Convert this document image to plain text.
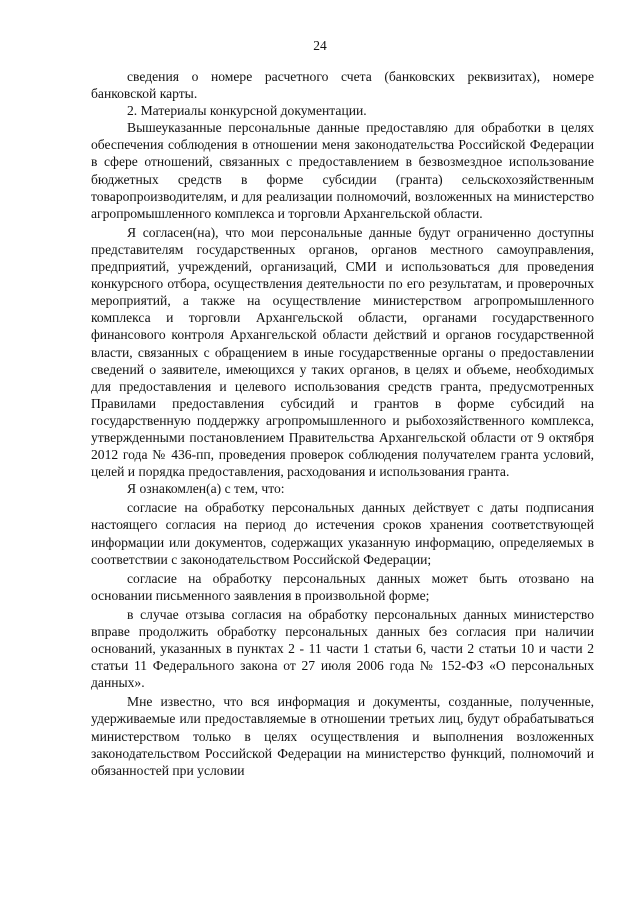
24

сведения о номере расчетного счета (банковских реквизитах), номере банковской карты.

2. Материалы конкурсной документации.

Вышеуказанные персональные данные предоставляю для обработки в целях обеспечения соблюдения в отношении меня законодательства Российской Федерации в сфере отношений, связанных с предоставлением в безвозмездное использование бюджетных средств в форме субсидии (гранта) сельскохозяйственным товаропроизводителям, и для реализации полномочий, возложенных на министерство агропромышленного комплекса и торговли Архангельской области.

Я согласен(на), что мои персональные данные будут ограниченно доступны представителям государственных органов, органов местного самоуправления, предприятий, учреждений, организаций, СМИ и использоваться для проведения конкурсного отбора, осуществления деятельности по его результатам, и проверочных мероприятий, а также на осуществление министерством агропромышленного комплекса и торговли Архангельской области, органами государственного финансового контроля Архангельской области действий и органов государственной власти, связанных с обращением в иные государственные органы о предоставлении сведений о заявителе, имеющихся у таких органов, в целях и объеме, необходимых для предоставления и целевого использования средств гранта, предусмотренных Правилами предоставления субсидий и грантов в форме субсидий на государственную поддержку агропромышленного и рыбохозяйственного комплекса, утвержденными постановлением Правительства Архангельской области от 9 октября 2012 года № 436-пп, проведения проверок соблюдения получателем гранта условий, целей и порядка предоставления, расходования и использования гранта.

Я ознакомлен(а) с тем, что:

согласие на обработку персональных данных действует с даты подписания настоящего согласия на период до истечения сроков хранения соответствующей информации или документов, содержащих указанную информацию, определяемых в соответствии с законодательством Российской Федерации;

согласие на обработку персональных данных может быть отозвано на основании письменного заявления в произвольной форме;

в случае отзыва согласия на обработку персональных данных министерство вправе продолжить обработку персональных данных без согласия при наличии оснований, указанных в пунктах 2 - 11 части 1 статьи 6, части 2 статьи 10 и части 2 статьи 11 Федерального закона от 27 июля 2006 года № 152-ФЗ «О персональных данных».

Мне известно, что вся информация и документы, созданные, полученные, удерживаемые или предоставляемые в отношении третьих лиц, будут обрабатываться министерством только в целях осуществления и выполнения возложенных законодательством Российской Федерации на министерство функций, полномочий и обязанностей при условии
